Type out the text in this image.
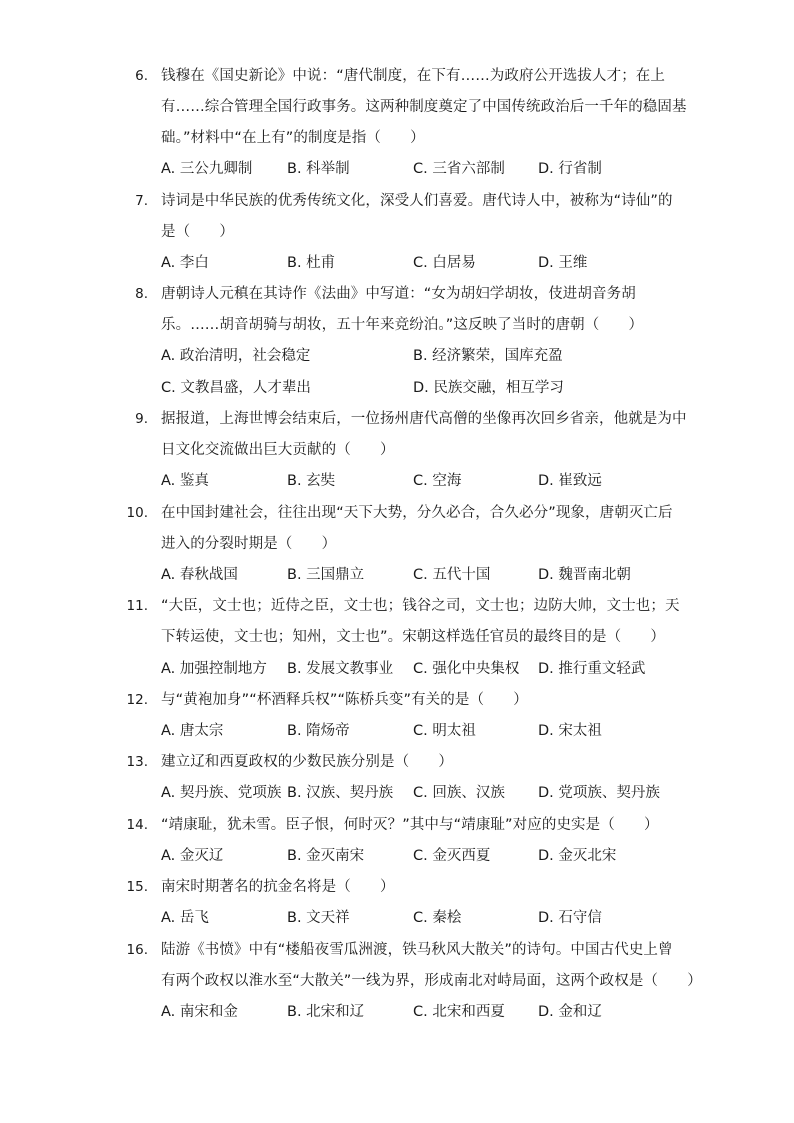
6. 钱穆在《国史新论》中说：“唐代制度，在下有……为政府公开选拔人才；在上
有……综合管理全国行政事务。这两种制度奠定了中国传统政治后一千年的稳固基
础。”材料中“在上有”的制度是指（　　）
A. 三公九卿制 B. 科举制	C. 三省六部制 D. 行省制
7. 诗词是中华民族的优秀传统文化，深受人们喜爱。唐代诗人中，被称为“诗仙”的
是（　　）
A. 李白	B. 杜甫	C. 白居易	D. 王维
8. 唐朝诗人元稹在其诗作《法曲》中写道：“女为胡妇学胡妆，伎进胡音务胡
乐。……胡音胡骑与胡妆，五十年来竞纷泊。”这反映了当时的唐朝（　　）
A. 政治清明，社会稳定	B. 经济繁荣，国库充盈
C. 文教昌盛，人才辈出	D. 民族交融，相互学习
9. 据报道，上海世博会结束后，一位扬州唐代高僧的坐像再次回乡省亲，他就是为中
日文化交流做出巨大贡献的（　　）
A. 鉴真	B. 玄奘	C. 空海	D. 崔致远
10. 在中国封建社会，往往出现“天下大势，分久必合，合久必分”现象，唐朝灭亡后
进入的分裂时期是（　　）
A. 春秋战国	B. 三国鼎立	C. 五代十国	D. 魏晋南北朝
11. “大臣，文士也；近侍之臣，文士也；钱谷之司，文士也；边防大帅，文士也；天
下转运使，文士也；知州，文士也”。宋朝这样选任官员的最终目的是（　　）
A. 加强控制地方 B. 发展文教事业 C. 强化中央集权 D. 推行重文轻武
12. 与“黄袍加身”“杯酒释兵权”“陈桥兵变”有关的是（　　）
A. 唐太宗	B. 隋炀帝	C. 明太祖	D. 宋太祖
13. 建立辽和西夏政权的少数民族分别是（　　）
A. 契丹族、党项族 B. 汉族、契丹族 C. 回族、汉族 D. 党项族、契丹族
14. “靖康耻，犹未雪。臣子恨，何时灭？”其中与“靖康耻”对应的史实是（　　）
A. 金灭辽	B. 金灭南宋	C. 金灭西夏	D. 金灭北宋
15. 南宋时期著名的抗金名将是（　　）
A. 岳飞	B. 文天祥	C. 秦桧	D. 石守信
16. 陆游《书愤》中有“楼船夜雪瓜洲渡，铁马秋风大散关”的诗句。中国古代史上曾
有两个政权以淮水至“大散关”一线为界，形成南北对峙局面，这两个政权是（　　）
A. 南宋和金	B. 北宋和辽	C. 北宋和西夏 D. 金和辽
